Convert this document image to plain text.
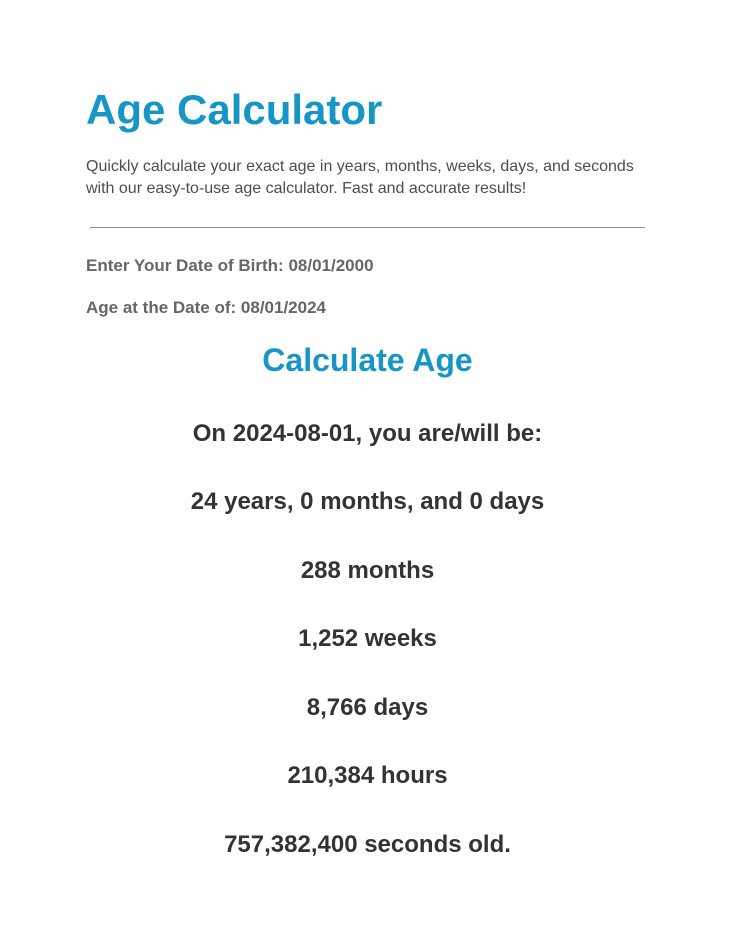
Age Calculator

Quickly calculate your exact age in years, months, weeks, days, and seconds with our easy-to-use age calculator. Fast and accurate results!

Enter Your Date of Birth: 08/01/2000
Age at the Date of: 08/01/2024
Calculate Age

On 2024-08-01, you are/will be:

24 years, 0 months, and 0 days

288 months

1,252 weeks

8,766 days

210,384 hours

757,382,400 seconds old.
